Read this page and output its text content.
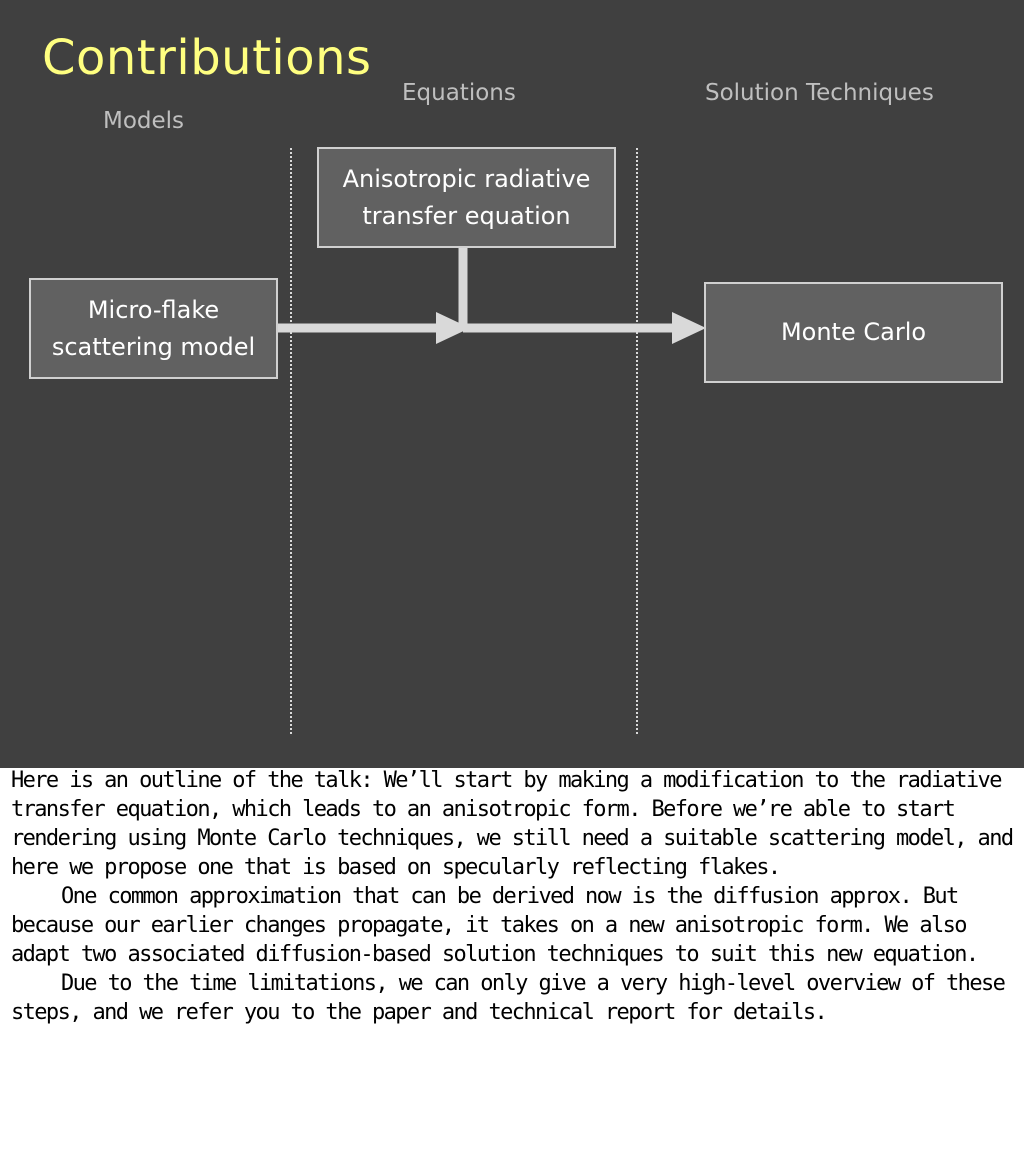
Contributions
Models
Equations	Solution Techniques
Anisotropic radiative
transfer equation
Micro-flake
scattering model
Monte Carlo

Here is an outline of the talk: We’ll start by making a modification to the radiative transfer equation, which leads to an anisotropic form. Before we’re able to start rendering using Monte Carlo techniques, we still need a suitable scattering model, and here we propose one that is based on specularly reflecting flakes.

One common approximation that can be derived now is the diffusion approx. But because our earlier changes propagate, it takes on a new anisotropic form. We also adapt two associated diffusion-based solution techniques to suit this new equation.

Due to the time limitations, we can only give a very high-level overview of these steps, and we refer you to the paper and technical report for details.
